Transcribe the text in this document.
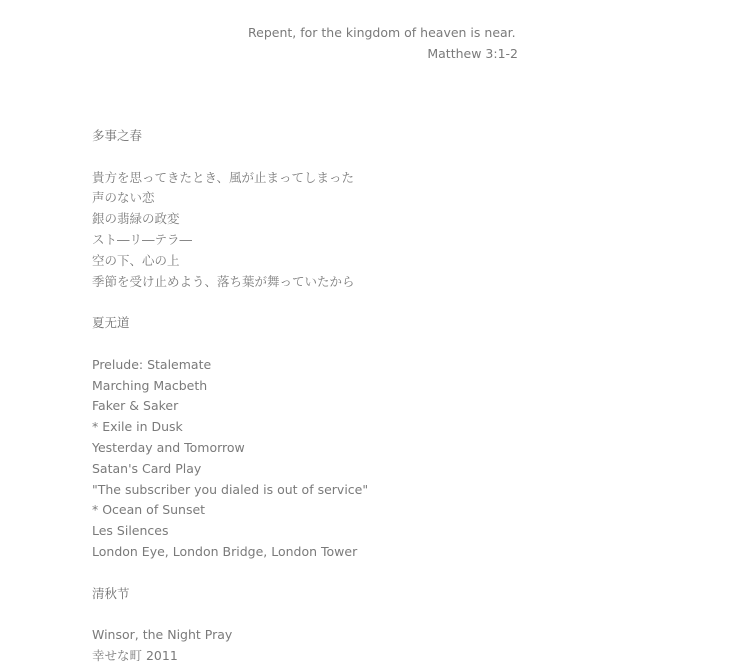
Repent, for the kingdom of heaven is near.
Matthew 3:1-2
多事之春
貴方を思ってきたとき、風が止まってしまった
声のない恋
銀の翡緑の政変
スト―リ―テラ―
空の下、心の上
季節を受け止めよう、落ち葉が舞っていたから
夏无道
Prelude: Stalemate
Marching Macbeth
Faker & Saker
* Exile in Dusk
Yesterday and Tomorrow
Satan's Card Play
"The subscriber you dialed is out of service"
* Ocean of Sunset
Les Silences
London Eye, London Bridge, London Tower
清秋节
Winsor, the Night Pray
幸せな町 2011
